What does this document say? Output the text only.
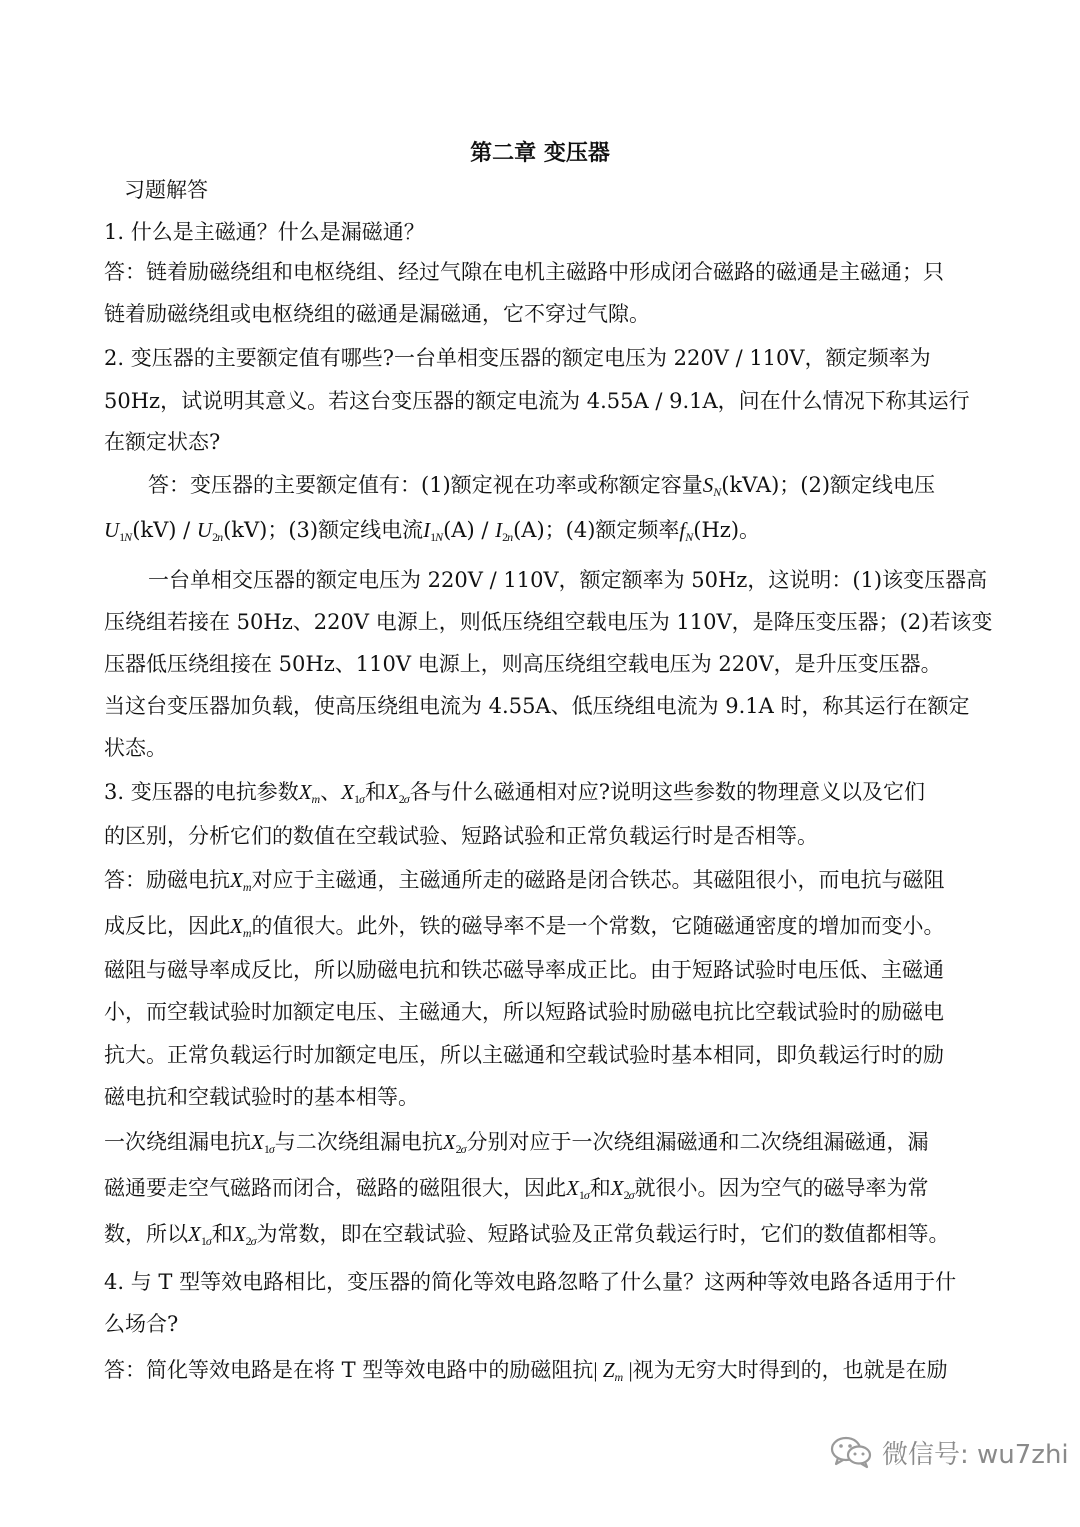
第二章 变压器
习题解答
1. 什么是主磁通？什么是漏磁通？
答：链着励磁绕组和电枢绕组、经过气隙在电机主磁路中形成闭合磁路的磁通是主磁通；只
链着励磁绕组或电枢绕组的磁通是漏磁通，它不穿过气隙。
2. 变压器的主要额定值有哪些?一台单相变压器的额定电压为 220V / 110V，额定频率为
50Hz，试说明其意义。若这台变压器的额定电流为 4.55A / 9.1A，问在什么情况下称其运行
在额定状态?
答：变压器的主要额定值有：(1)额定视在功率或称额定容量$S_N(kVA)$；(2)额定线电压
$U_{1N}(kV) / U_{2n}(kV)$；(3)额定线电流$I_{1N}(A) / I_{2n}(A)$；(4)额定频率$f_N(Hz)$。
一台单相交压器的额定电压为 220V / 110V，额定额率为 50Hz，这说明：(1)该变压器高
压绕组若接在 50Hz、220V 电源上，则低压绕组空载电压为 110V，是降压变压器；(2)若该变
压器低压绕组接在 50Hz、110V 电源上，则高压绕组空载电压为 220V，是升压变压器。
当这台变压器加负载，使高压绕组电流为 4.55A、低压绕组电流为 9.1A 时，称其运行在额定
状态。
3. 变压器的电抗参数$X_m$、$X_{1\sigma}$和$X_{2\sigma}$各与什么磁通相对应?说明这些参数的物理意义以及它们
的区别，分析它们的数值在空载试验、短路试验和正常负载运行时是否相等。
答：励磁电抗$X_m$对应于主磁通，主磁通所走的磁路是闭合铁芯。其磁阻很小，而电抗与磁阻
成反比，因此$X_m$的值很大。此外，铁的磁导率不是一个常数，它随磁通密度的增加而变小。
磁阻与磁导率成反比，所以励磁电抗和铁芯磁导率成正比。由于短路试验时电压低、主磁通
小，而空载试验时加额定电压、主磁通大，所以短路试验时励磁电抗比空载试验时的励磁电
抗大。正常负载运行时加额定电压，所以主磁通和空载试验时基本相同，即负载运行时的励
磁电抗和空载试验时的基本相等。
一次绕组漏电抗$X_{1\sigma}$与二次绕组漏电抗$X_{2\sigma}$分别对应于一次绕组漏磁通和二次绕组漏磁通，漏
磁通要走空气磁路而闭合，磁路的磁阻很大，因此$X_{1\sigma}$和$X_{2\sigma}$就很小。因为空气的磁导率为常
数，所以$X_{1\sigma}$和$X_{2\sigma}$为常数，即在空载试验、短路试验及正常负载运行时，它们的数值都相等。
4. 与 T 型等效电路相比，变压器的简化等效电路忽略了什么量？这两种等效电路各适用于什
么场合?
答：简化等效电路是在将 T 型等效电路中的励磁阻抗| $Z_m$ |视为无穷大时得到的，也就是在励
微信号: wu7zhi
